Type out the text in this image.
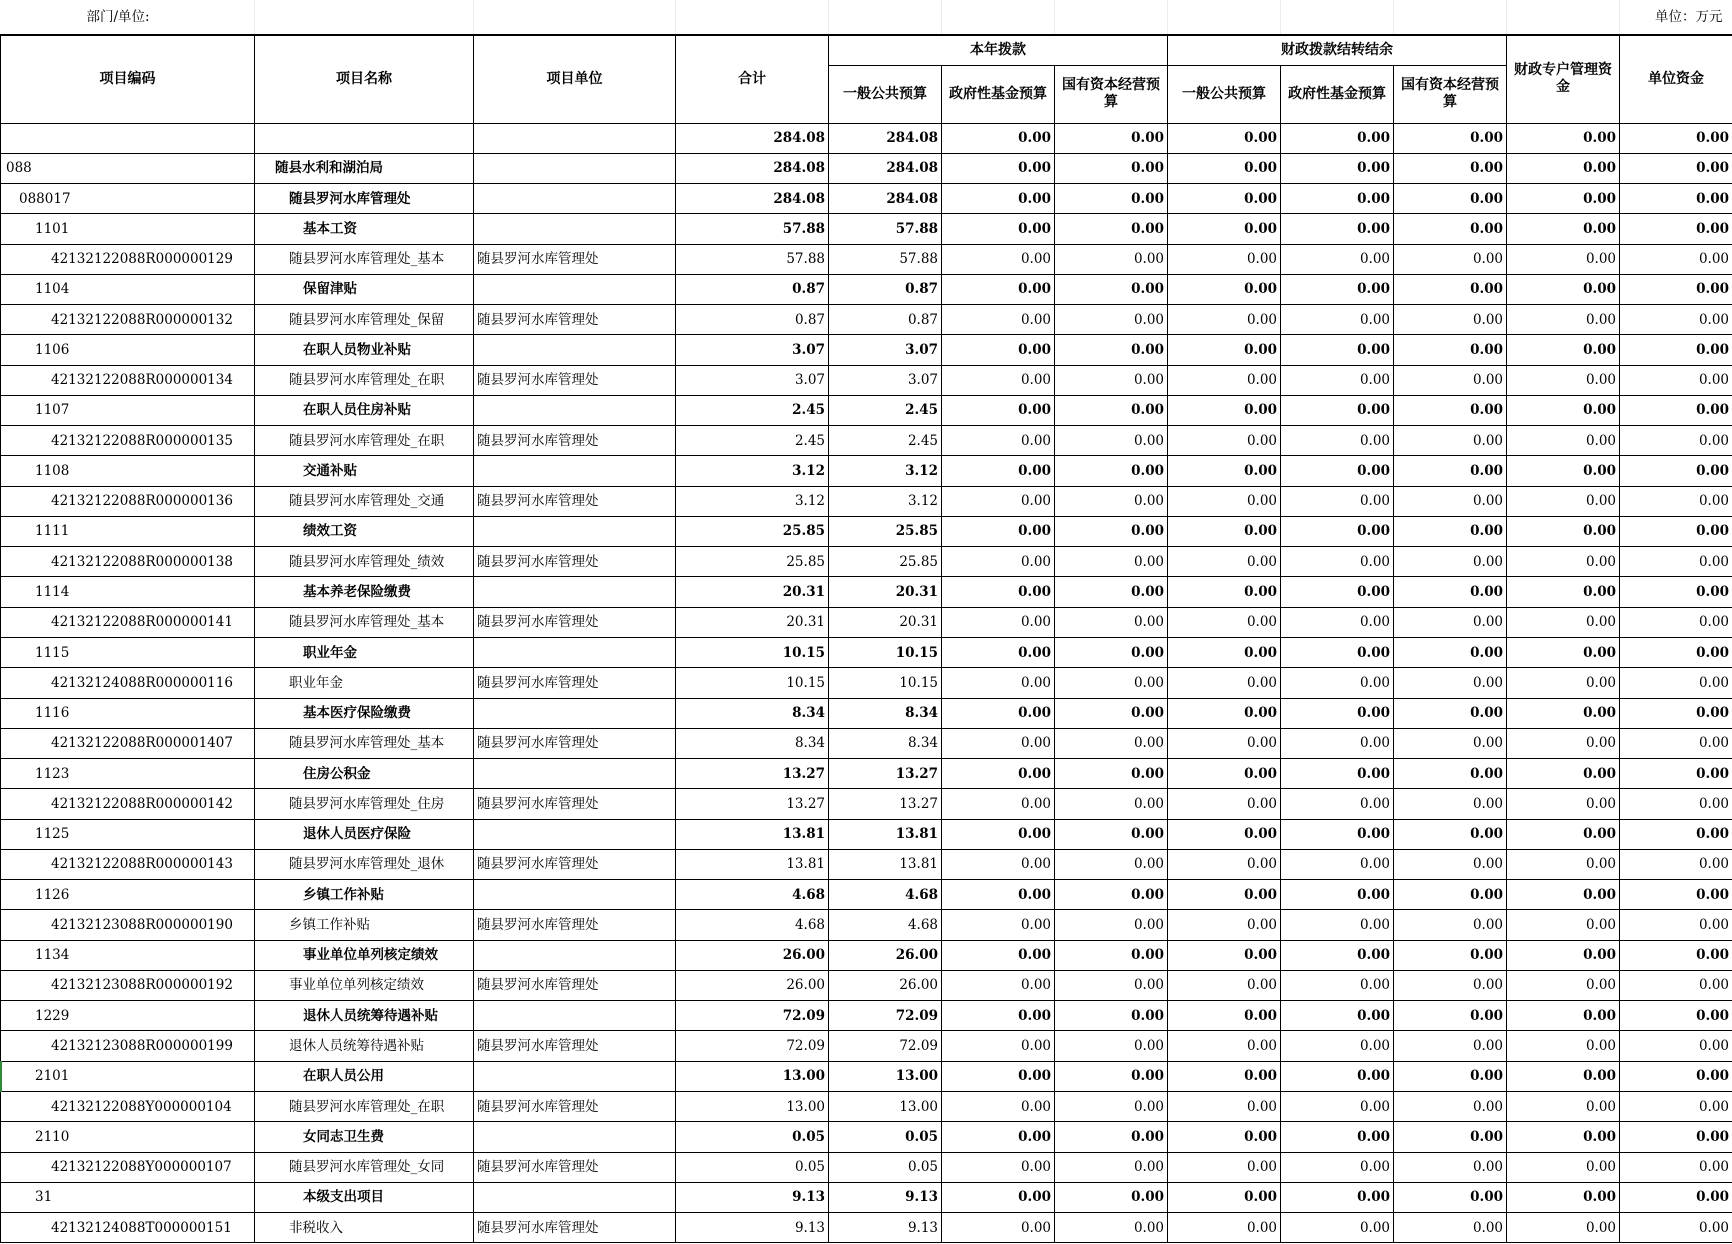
部门/单位:											单位：万元
项目编码	项目名称	项目单位	合计	本年拨款			财政拨款结转结余			财政专户管理资金	单位资金
				一般公共预算	政府性基金预算	国有资本经营预算	一般公共预算	政府性基金预算	国有资本经营预算		
			284.08	284.08	0.00	0.00	0.00	0.00	0.00	0.00	0.00
088	随县水利和湖泊局		284.08	284.08	0.00	0.00	0.00	0.00	0.00	0.00	0.00
088017	随县罗河水库管理处		284.08	284.08	0.00	0.00	0.00	0.00	0.00	0.00	0.00
1101	基本工资		57.88	57.88	0.00	0.00	0.00	0.00	0.00	0.00	0.00
42132122088R000000129	随县罗河水库管理处_基本	随县罗河水库管理处	57.88	57.88	0.00	0.00	0.00	0.00	0.00	0.00	0.00
1104	保留津贴		0.87	0.87	0.00	0.00	0.00	0.00	0.00	0.00	0.00
42132122088R000000132	随县罗河水库管理处_保留	随县罗河水库管理处	0.87	0.87	0.00	0.00	0.00	0.00	0.00	0.00	0.00
1106	在职人员物业补贴		3.07	3.07	0.00	0.00	0.00	0.00	0.00	0.00	0.00
42132122088R000000134	随县罗河水库管理处_在职	随县罗河水库管理处	3.07	3.07	0.00	0.00	0.00	0.00	0.00	0.00	0.00
1107	在职人员住房补贴		2.45	2.45	0.00	0.00	0.00	0.00	0.00	0.00	0.00
42132122088R000000135	随县罗河水库管理处_在职	随县罗河水库管理处	2.45	2.45	0.00	0.00	0.00	0.00	0.00	0.00	0.00
1108	交通补贴		3.12	3.12	0.00	0.00	0.00	0.00	0.00	0.00	0.00
42132122088R000000136	随县罗河水库管理处_交通	随县罗河水库管理处	3.12	3.12	0.00	0.00	0.00	0.00	0.00	0.00	0.00
1111	绩效工资		25.85	25.85	0.00	0.00	0.00	0.00	0.00	0.00	0.00
42132122088R000000138	随县罗河水库管理处_绩效	随县罗河水库管理处	25.85	25.85	0.00	0.00	0.00	0.00	0.00	0.00	0.00
1114	基本养老保险缴费		20.31	20.31	0.00	0.00	0.00	0.00	0.00	0.00	0.00
42132122088R000000141	随县罗河水库管理处_基本	随县罗河水库管理处	20.31	20.31	0.00	0.00	0.00	0.00	0.00	0.00	0.00
1115	职业年金		10.15	10.15	0.00	0.00	0.00	0.00	0.00	0.00	0.00
42132124088R000000116	职业年金	随县罗河水库管理处	10.15	10.15	0.00	0.00	0.00	0.00	0.00	0.00	0.00
1116	基本医疗保险缴费		8.34	8.34	0.00	0.00	0.00	0.00	0.00	0.00	0.00
42132122088R000001407	随县罗河水库管理处_基本	随县罗河水库管理处	8.34	8.34	0.00	0.00	0.00	0.00	0.00	0.00	0.00
1123	住房公积金		13.27	13.27	0.00	0.00	0.00	0.00	0.00	0.00	0.00
42132122088R000000142	随县罗河水库管理处_住房	随县罗河水库管理处	13.27	13.27	0.00	0.00	0.00	0.00	0.00	0.00	0.00
1125	退休人员医疗保险		13.81	13.81	0.00	0.00	0.00	0.00	0.00	0.00	0.00
42132122088R000000143	随县罗河水库管理处_退休	随县罗河水库管理处	13.81	13.81	0.00	0.00	0.00	0.00	0.00	0.00	0.00
1126	乡镇工作补贴		4.68	4.68	0.00	0.00	0.00	0.00	0.00	0.00	0.00
42132123088R000000190	乡镇工作补贴	随县罗河水库管理处	4.68	4.68	0.00	0.00	0.00	0.00	0.00	0.00	0.00
1134	事业单位单列核定绩效		26.00	26.00	0.00	0.00	0.00	0.00	0.00	0.00	0.00
42132123088R000000192	事业单位单列核定绩效	随县罗河水库管理处	26.00	26.00	0.00	0.00	0.00	0.00	0.00	0.00	0.00
1229	退休人员统筹待遇补贴		72.09	72.09	0.00	0.00	0.00	0.00	0.00	0.00	0.00
42132123088R000000199	退休人员统筹待遇补贴	随县罗河水库管理处	72.09	72.09	0.00	0.00	0.00	0.00	0.00	0.00	0.00
2101	在职人员公用		13.00	13.00	0.00	0.00	0.00	0.00	0.00	0.00	0.00
42132122088Y000000104	随县罗河水库管理处_在职	随县罗河水库管理处	13.00	13.00	0.00	0.00	0.00	0.00	0.00	0.00	0.00
2110	女同志卫生费		0.05	0.05	0.00	0.00	0.00	0.00	0.00	0.00	0.00
42132122088Y000000107	随县罗河水库管理处_女同	随县罗河水库管理处	0.05	0.05	0.00	0.00	0.00	0.00	0.00	0.00	0.00
31	本级支出项目		9.13	9.13	0.00	0.00	0.00	0.00	0.00	0.00	0.00
42132124088T000000151	非税收入	随县罗河水库管理处	9.13	9.13	0.00	0.00	0.00	0.00	0.00	0.00	0.00
